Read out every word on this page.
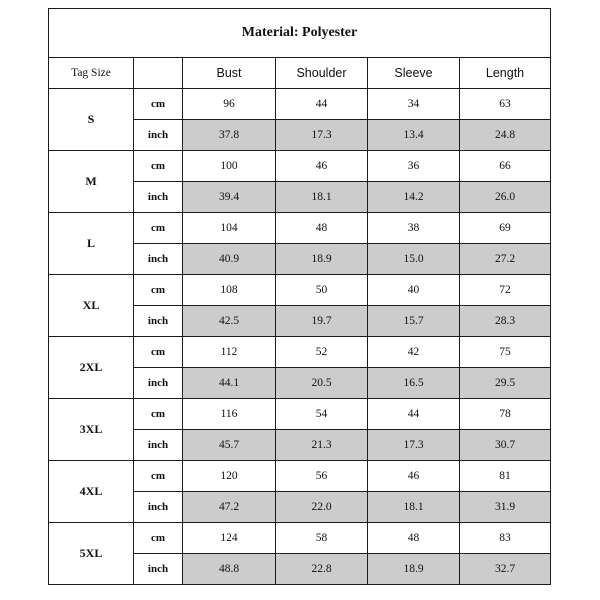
Material: Polyester					
Tag Size		Bust	Shoulder	Sleeve	Length
S	cm	96	44	34	63
	inch	37.8	17.3	13.4	24.8
M	cm	100	46	36	66
	inch	39.4	18.1	14.2	26.0
L	cm	104	48	38	69
	inch	40.9	18.9	15.0	27.2
XL	cm	108	50	40	72
	inch	42.5	19.7	15.7	28.3
2XL	cm	112	52	42	75
	inch	44.1	20.5	16.5	29.5
3XL	cm	116	54	44	78
	inch	45.7	21.3	17.3	30.7
4XL	cm	120	56	46	81
	inch	47.2	22.0	18.1	31.9
5XL	cm	124	58	48	83
	inch	48.8	22.8	18.9	32.7
